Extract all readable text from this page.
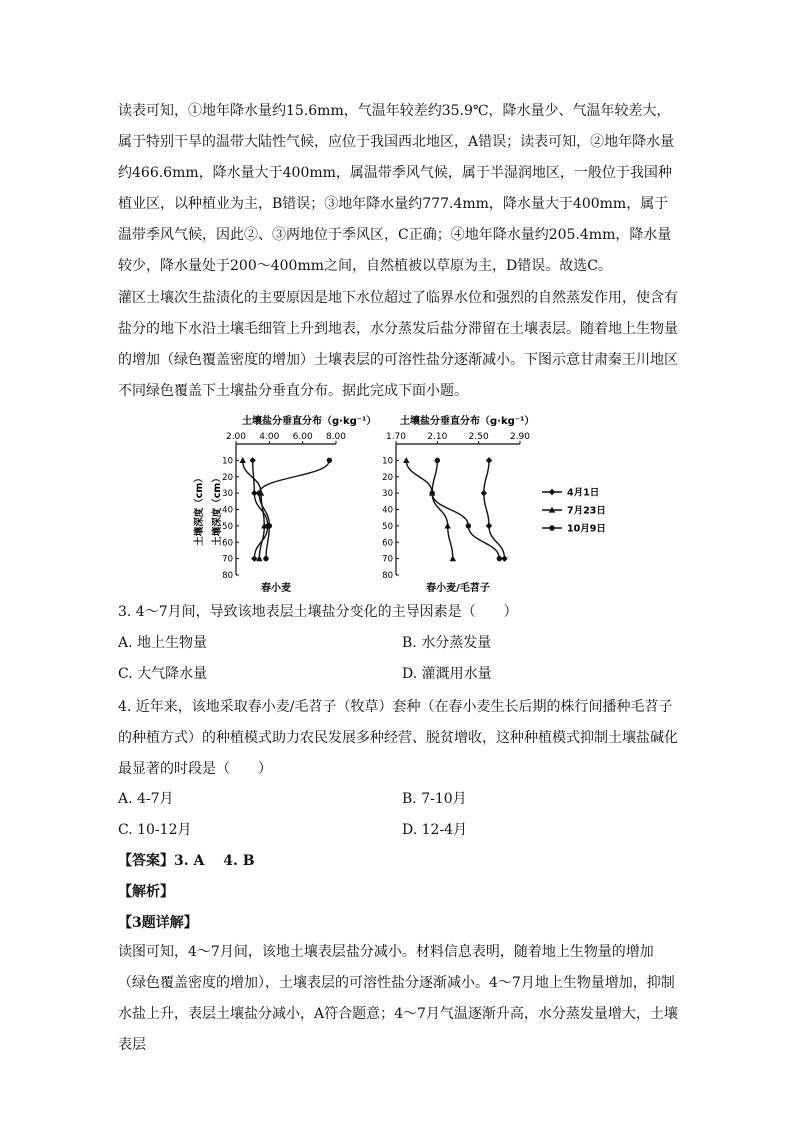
读表可知，①地年降水量约15.6mm，气温年较差约35.9℃，降水量少、气温年较差大，属于特别干旱的温带大陆性气候，应位于我国西北地区，A错误；读表可知，②地年降水量约466.6mm，降水量大于400mm，属温带季风气候，属于半湿润地区，一般位于我国种植业区，以种植业为主，B错误；③地年降水量约777.4mm，降水量大于400mm，属于温带季风气候，因此②、③两地位于季风区，C正确；④地年降水量约205.4mm，降水量较少，降水量处于200～400mm之间，自然植被以草原为主，D错误。故选C。

灌区土壤次生盐渍化的主要原因是地下水位超过了临界水位和强烈的自然蒸发作用，使含有盐分的地下水沿土壤毛细管上升到地表，水分蒸发后盐分滞留在土壤表层。随着地上生物量的增加（绿色覆盖密度的增加）土壤表层的可溶性盐分逐渐减小。下图示意甘肃秦王川地区不同绿色覆盖下土壤盐分垂直分布。据此完成下面小题。

土壤盐分垂直分布（g·kg⁻¹）
2.00 4.00 6.00 8.00
10
20
30
40
50
60
70
80
土壤深度（cm）
春小麦
土壤盐分垂直分布（g·kg⁻¹）
1.70 2.10 2.50 2.90
10
20
30
40
50
60
70
80
土壤深度（cm）
春小麦/毛苕子
4月1日
7月23日
10月9日
3. 4～7月间，导致该地表层土壤盐分变化的主导因素是（　　）
A. 地上生物量	B. 水分蒸发量
C. 大气降水量	D. 灌溉用水量

4. 近年来，该地采取春小麦/毛苕子（牧草）套种（在春小麦生长后期的株行间播种毛苕子的种植方式）的种植模式助力农民发展多种经营、脱贫增收，这种种植模式抑制土壤盐碱化最显著的时段是（　　）

A. 4-7月	B. 7-10月
C. 10-12月	D. 12-4月
【答案】3. A　 4. B
【解析】
【3题详解】

读图可知，4～7月间，该地土壤表层盐分减小。材料信息表明，随着地上生物量的增加（绿色覆盖密度的增加），土壤表层的可溶性盐分逐渐减小。4～7月地上生物量增加，抑制水盐上升，表层土壤盐分减小，A符合题意；4～7月气温逐渐升高，水分蒸发量增大，土壤表层
